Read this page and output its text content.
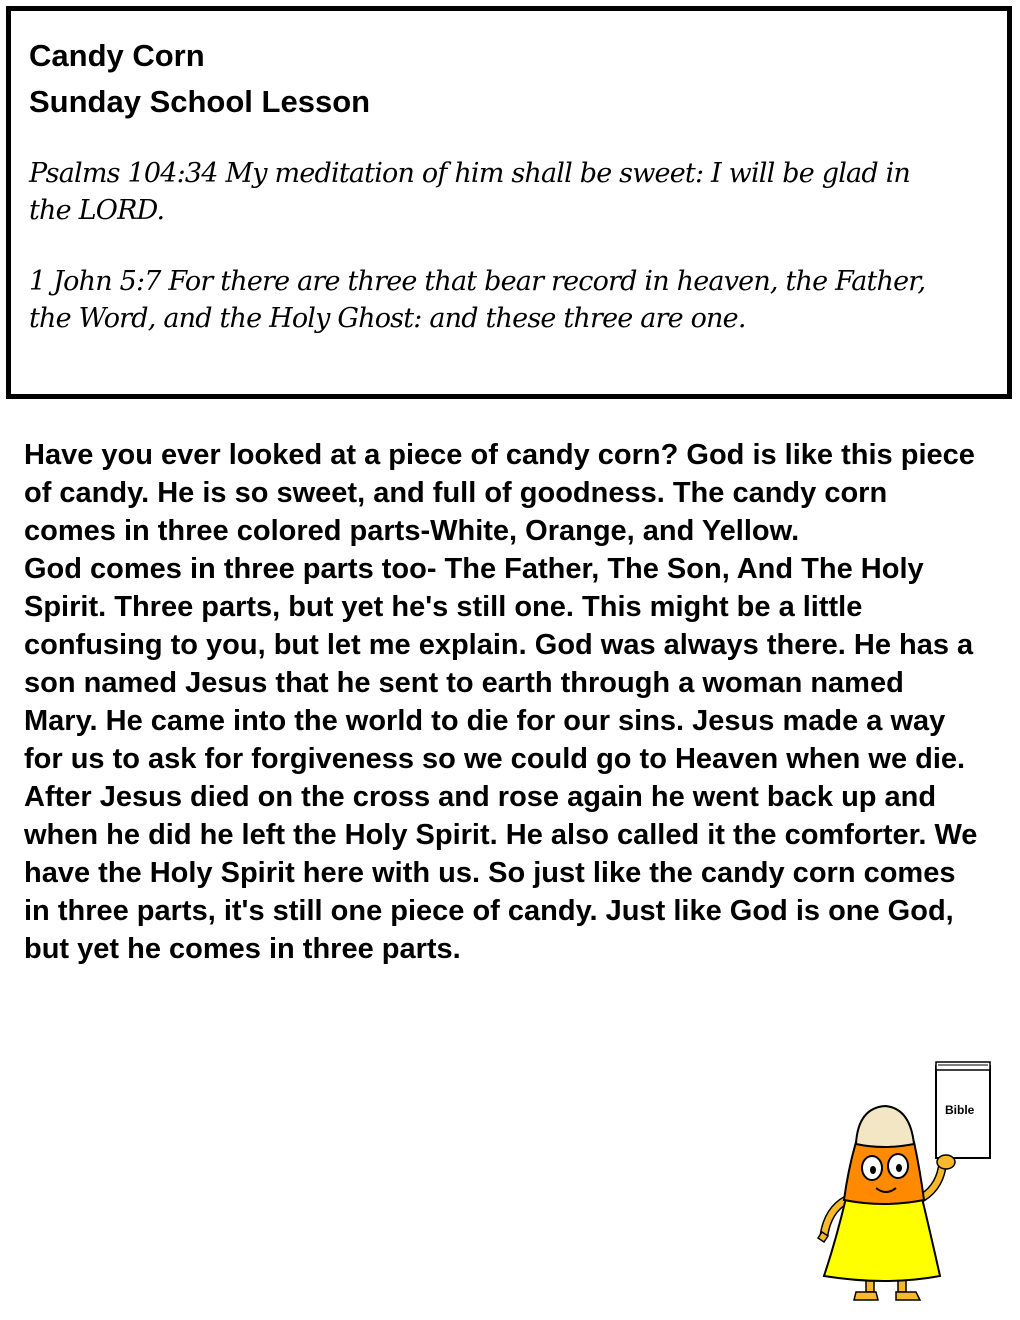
Candy Corn
Sunday School Lesson
Psalms 104:34 My meditation of him shall be sweet: I will be glad in the LORD.
1 John 5:7 For there are three that bear record in heaven, the Father, the Word, and the Holy Ghost: and these three are one.

Have you ever looked at a piece of candy corn? God is like this piece of candy. He is so sweet, and full of goodness. The candy corn comes in three colored parts-White, Orange, and Yellow.

God comes in three parts too- The Father, The Son, And The Holy Spirit. Three parts, but yet he's still one. This might be a little confusing to you, but let me explain. God was always there. He has a son named Jesus that he sent to earth through a woman named Mary. He came into the world to die for our sins. Jesus made a way for us to ask for forgiveness so we could go to Heaven when we die. After Jesus died on the cross and rose again he went back up and when he did he left the Holy Spirit. He also called it the comforter. We have the Holy Spirit here with us. So just like the candy corn comes in three parts, it's still one piece of candy. Just like God is one God, but yet he comes in three parts.

Bible
